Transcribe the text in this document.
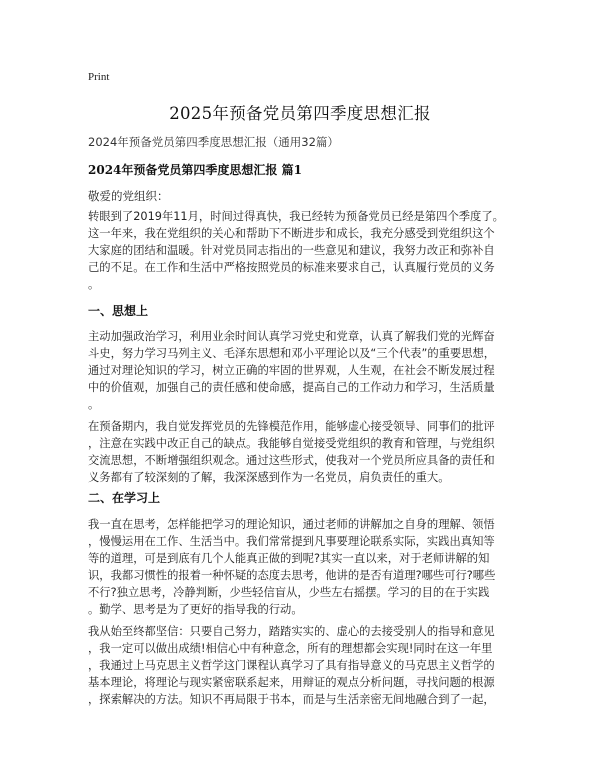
Print
2025年预备党员第四季度思想汇报
2024年预备党员第四季度思想汇报（通用32篇）
2024年预备党员第四季度思想汇报 篇1
敬爱的党组织：
转眼到了2019年11月，时间过得真快，我已经转为预备党员已经是第四个季度了。
这一年来，我在党组织的关心和帮助下不断进步和成长，我充分感受到党组织这个
大家庭的团结和温暖。针对党员同志指出的一些意见和建议，我努力改正和弥补自
己的不足。在工作和生活中严格按照党员的标准来要求自己，认真履行党员的义务
。
一、思想上
主动加强政治学习，利用业余时间认真学习党史和党章，认真了解我们党的光辉奋
斗史，努力学习马列主义、毛泽东思想和邓小平理论以及“三个代表”的重要思想，
通过对理论知识的学习，树立正确的牢固的世界观，人生观，在社会不断发展过程
中的价值观，加强自己的责任感和使命感，提高自己的工作动力和学习，生活质量
。
在预备期内，我自觉发挥党员的先锋模范作用，能够虚心接受领导、同事们的批评
，注意在实践中改正自己的缺点。我能够自觉接受党组织的教育和管理，与党组织
交流思想，不断增强组织观念。通过这些形式，使我对一个党员所应具备的责任和
义务都有了较深刻的了解，我深深感到作为一名党员，肩负责任的重大。
二、在学习上
我一直在思考，怎样能把学习的理论知识，通过老师的讲解加之自身的理解、领悟
，慢慢运用在工作、生活当中。我们常常提到凡事要理论联系实际，实践出真知等
等的道理，可是到底有几个人能真正做的到呢?其实一直以来，对于老师讲解的知
识，我都习惯性的报着一种怀疑的态度去思考，他讲的是否有道理?哪些可行?哪些
不行?独立思考，冷静判断，少些轻信盲从，少些左右摇摆。学习的目的在于实践
。勤学、思考是为了更好的指导我的行动。
我从始至终都坚信：只要自己努力，踏踏实实的、虚心的去接受别人的指导和意见
，我一定可以做出成绩!相信心中有种意念，所有的理想都会实现!同时在这一年里
，我通过上马克思主义哲学这门课程认真学习了具有指导意义的马克思主义哲学的
基本理论，将理论与现实紧密联系起来，用辩证的观点分析问题，寻找问题的根源
，探索解决的方法。知识不再局限于书本，而是与生活亲密无间地融合到了一起，
